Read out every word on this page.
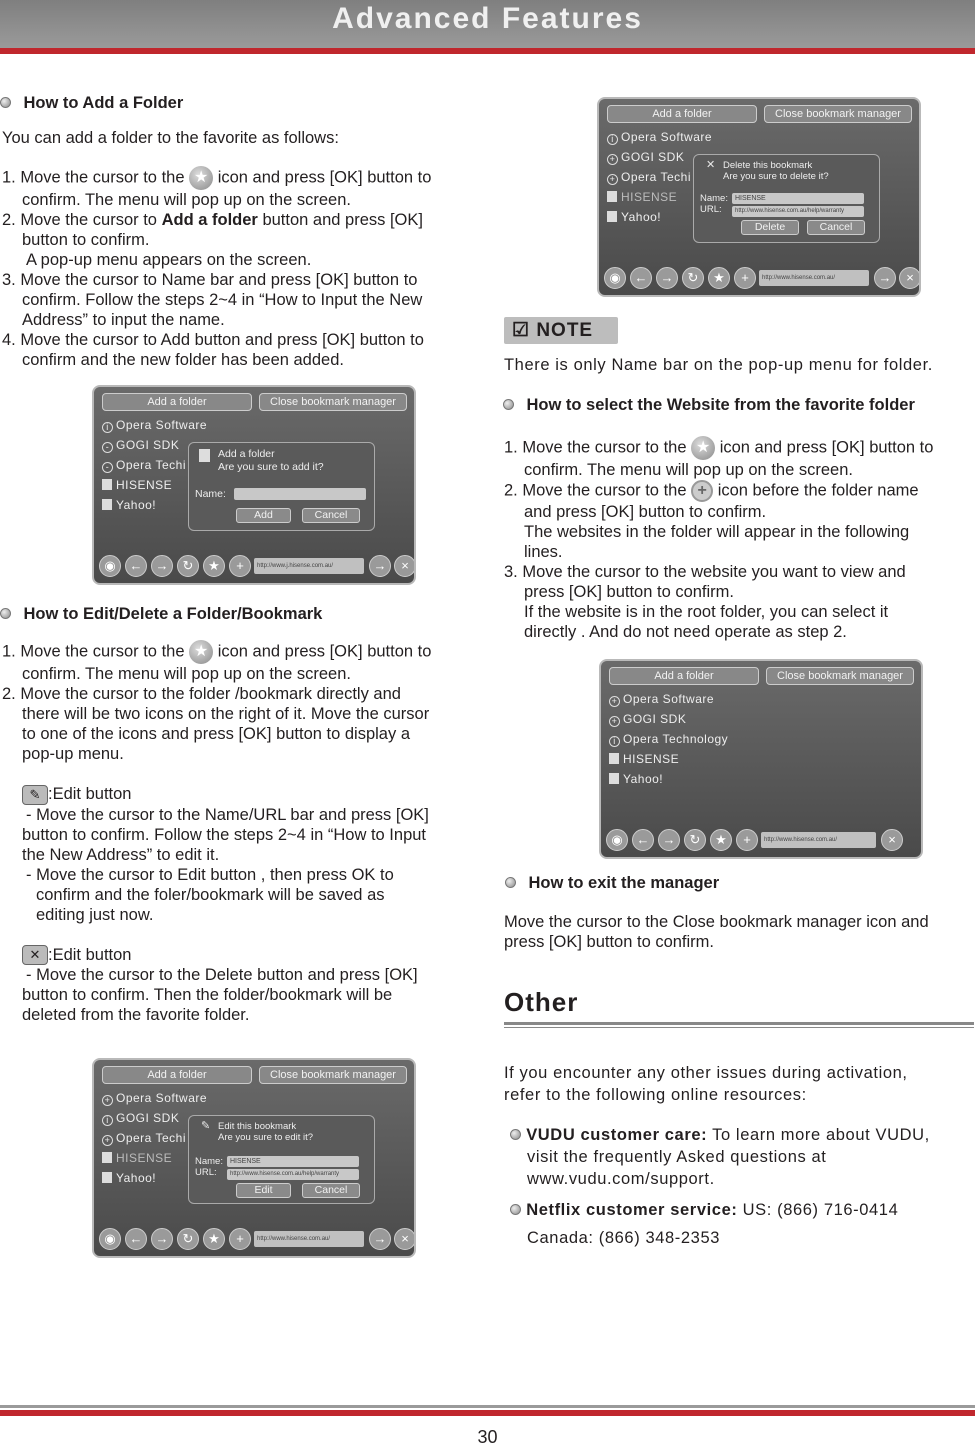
Advanced Features
How to Add a Folder
You can add a folder to the favorite as follows:
1. Move the cursor to the ★ icon and press [OK] button to
confirm. The menu will pop up on the screen.
2. Move the cursor to Add a folder button and press [OK]
button to confirm.
A pop-up menu appears on the screen.
3. Move the cursor to Name bar and press [OK] button to
confirm. Follow the steps 2~4 in “How to Input the New
Address” to input the name.
4. Move the cursor to Add button and press [OK] button to
confirm and the new folder has been added.
Add a folder	Close bookmark manager
i Opera Software
- GOGI SDK
- Opera Techi
HISENSE
Yahoo!
Add a folder
Are you sure to add it?
Name:
Add	Cancel
◉	←	→	↻	★	+	http://www.j.hisense.com.au/	→	×
How to Edit/Delete a Folder/Bookmark
1. Move the cursor to the ★ icon and press [OK] button to
confirm. The menu will pop up on the screen.
2. Move the cursor to the folder /bookmark directly and
there will be two icons on the right of it. Move the cursor
to one of the icons and press [OK] button to display a
pop-up menu.
✎ :Edit button
- Move the cursor to the Name/URL bar and press [OK]
button to confirm. Follow the steps 2~4 in “How to Input
the New Address” to edit it.
- Move the cursor to Edit button , then press OK to
confirm and the foler/bookmark will be saved as
editing just now.
✕ :Edit button
- Move the cursor to the Delete button and press [OK]
button to confirm. Then the folder/bookmark will be
deleted from the favorite folder.
Add a folder	Close bookmark manager
+ Opera Software
i GOGI SDK
+ Opera Techi
HISENSE
Yahoo!
✎ Edit this bookmark
Are you sure to edit it?
Name:	HISENSE
URL:	http://www.hisense.com.au/help/warranty
Edit	Cancel
◉	←	→	↻	★	+	http://www.hisense.com.au/	→	×
Add a folder	Close bookmark manager
i Opera Software
+ GOGI SDK
+ Opera Techi
HISENSE
Yahoo!
✕ Delete this bookmark
Are you sure to delete it?
Name:	HISENSE
URL:	http://www.hisense.com.au/help/warranty
Delete	Cancel
◉	←	→	↻	★	+	http://www.hisense.com.au/	→	×
☑ NOTE
There is only Name bar on the pop-up menu for folder.
How to select the Website from the favorite folder
1. Move the cursor to the ★ icon and press [OK] button to
confirm. The menu will pop up on the screen.
2. Move the cursor to the + icon before the folder name
and press [OK] button to confirm.
The websites in the folder will appear in the following
lines.
3. Move the cursor to the website you want to view and
press [OK] button to confirm.
If the website is in the root folder, you can select it
directly . And do not need operate as step 2.
Add a folder	Close bookmark manager
+ Opera Software
+ GOGI SDK
i Opera Technology
HISENSE
Yahoo!
◉	←	→	↻	★	+	http://www.hisense.com.au/	×
How to exit the manager
Move the cursor to the Close bookmark manager icon and
press [OK] button to confirm.
Other
If you encounter any other issues during activation,
refer to the following online resources:
VUDU customer care: To learn more about VUDU,
visit the frequently Asked questions at
www.vudu.com/support.
Netflix customer service: US: (866) 716-0414
Canada: (866) 348-2353
30
